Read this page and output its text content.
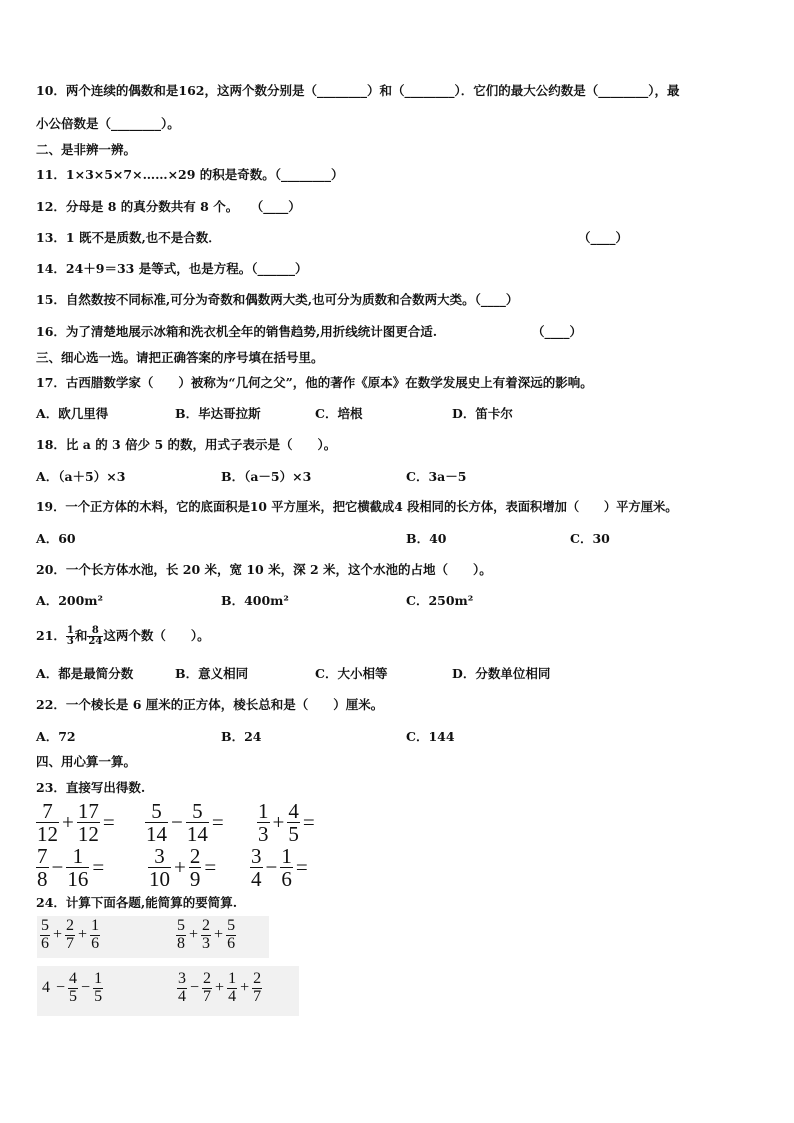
10．两个连续的偶数和是162，这两个数分别是（________）和（________）．它们的最大公约数是（________），最
小公倍数是（________）。
二、是非辨一辨。
11．1×3×5×7×……×29 的积是奇数。（________）
12．分母是 8 的真分数共有 8 个。　　（____）
13．1 既不是质数,也不是合数．	（____）
14．24＋9＝33 是等式，也是方程。（______）
15．自然数按不同标准,可分为奇数和偶数两大类,也可分为质数和合数两大类。（____）
16．为了清楚地展示冰箱和洗衣机全年的销售趋势,用折线统计图更合适.	（____）
三、细心选一选。请把正确答案的序号填在括号里。
17．古西腊数学家（　　）被称为“几何之父”，他的著作《原本》在数学发展史上有着深远的影响。
A．欧几里得	B．毕达哥拉斯	C．培根	D．笛卡尔
18．比 a 的 3 倍少 5 的数，用式子表示是（　　）。
A．（a＋5）×3	B．（a－5）×3	C．3a－5
19．一个正方体的木料，它的底面积是10 平方厘米，把它横截成4 段相同的长方体，表面积增加（　　）平方厘米。
A．60	B．40	C．30
20．一个长方体水池，长 20 米，宽 10 米，深 2 米，这个水池的占地（　　）。
A．200m²	B．400m²	C．250m²
21． $\frac{1}{3}$ 和 $\frac{8}{24}$ 这两个数（　　）。
A．都是最简分数	B．意义相同	C．大小相等	D．分数单位相同
22．一个棱长是 6 厘米的正方体，棱长总和是（　　）厘米。
A．72	B．24	C．144
四、用心算一算。
23．直接写出得数.
$\frac{7}{12} + \frac{17}{12} = \frac{5}{14} - \frac{5}{14} = \frac{1}{3} + \frac{4}{5}$ =
$\frac{7}{8} - \frac{1}{16} = \frac{3}{10} + \frac{2}{9} = \frac{3}{4} - \frac{1}{6}$ =
24．计算下面各题,能简算的要简算.
$\frac{5}{6} + \frac{2}{7} + \frac{1}{6}$	$\frac{5}{8} + \frac{2}{3} + \frac{5}{6}$
$4 - \frac{4}{5} - \frac{1}{5}$	$\frac{3}{4} - \frac{2}{7} + \frac{1}{4} + \frac{2}{7}$
